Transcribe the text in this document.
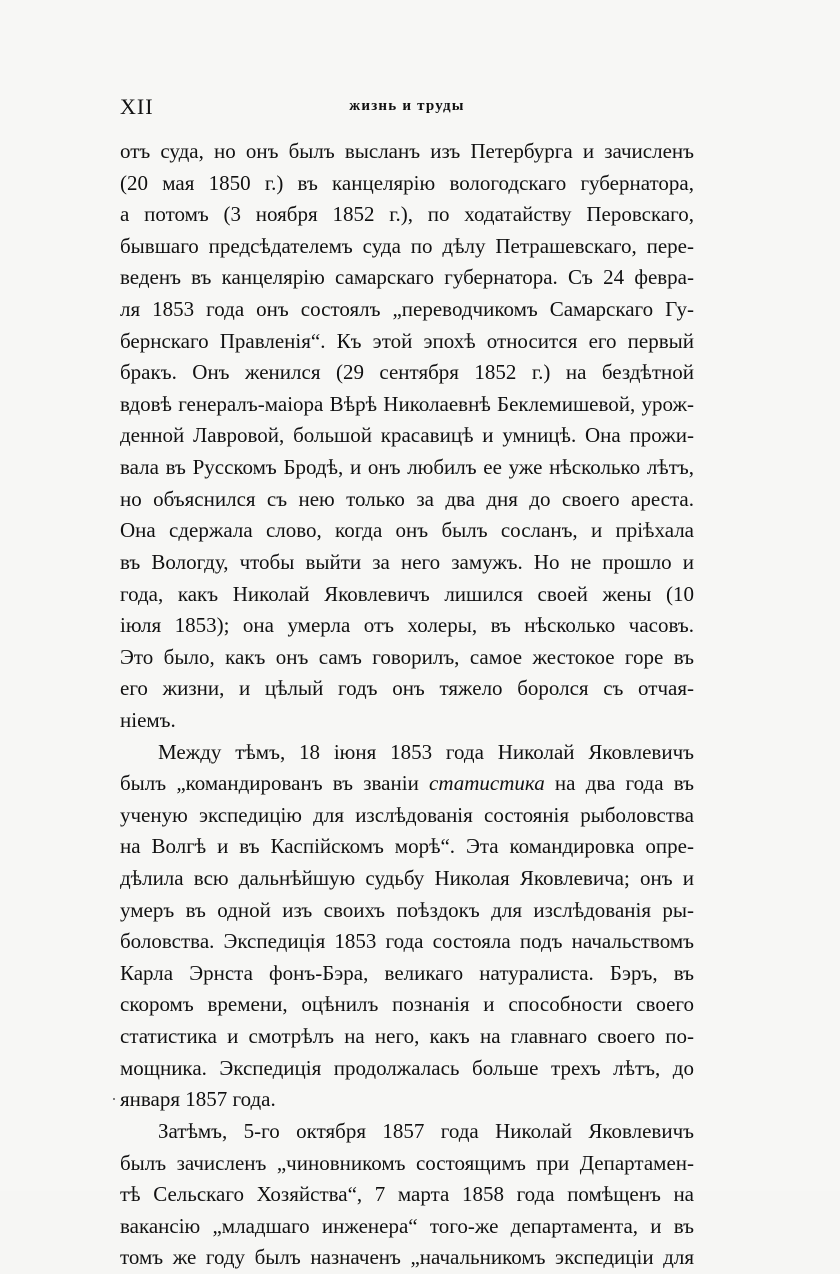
XII	жизнь и труды
отъ суда, но онъ былъ высланъ изъ Петербурга и зачисленъ
(20 мая 1850 г.) въ канцелярію вологодскаго губернатора,
а потомъ (3 ноября 1852 г.), по ходатайству Перовскаго,
бывшаго предсѣдателемъ суда по дѣлу Петрашевскаго, пере-
веденъ въ канцелярію самарскаго губернатора. Съ 24 февра-
ля 1853 года онъ состоялъ „переводчикомъ Самарскаго Гу-
бернскаго Правленія“. Къ этой эпохѣ относится его первый
бракъ. Онъ женился (29 сентября 1852 г.) на бездѣтной
вдовѣ генералъ-маіора Вѣрѣ Николаевнѣ Беклемишевой, урож-
денной Лавровой, большой красавицѣ и умницѣ. Она прожи-
вала въ Русскомъ Бродѣ, и онъ любилъ ее уже нѣсколько лѣтъ,
но объяснился съ нею только за два дня до своего ареста.
Она сдержала слово, когда онъ былъ сосланъ, и пріѣхала
въ Вологду, чтобы выйти за него замужъ. Но не прошло и
года, какъ Николай Яковлевичъ лишился своей жены (10
іюля 1853); она умерла отъ холеры, въ нѣсколько часовъ.
Это было, какъ онъ самъ говорилъ, самое жестокое горе въ
его жизни, и цѣлый годъ онъ тяжело боролся съ отчая-
ніемъ.
Между тѣмъ, 18 іюня 1853 года Николай Яковлевичъ
былъ „командированъ въ званіи статистика на два года въ
ученую экспедицію для изслѣдованія состоянія рыболовства
на Волгѣ и въ Каспійскомъ морѣ“. Эта командировка опре-
дѣлила всю дальнѣйшую судьбу Николая Яковлевича; онъ и
умеръ въ одной изъ своихъ поѣздокъ для изслѣдованія ры-
боловства. Экспедиція 1853 года состояла подъ начальствомъ
Карла Эрнста фонъ-Бэра, великаго натуралиста. Бэръ, въ
скоромъ времени, оцѣнилъ познанія и способности своего
статистика и смотрѣлъ на него, какъ на главнаго своего по-
мощника. Экспедиція продолжалась больше трехъ лѣтъ, до
января 1857 года.
Затѣмъ, 5-го октября 1857 года Николай Яковлевичъ
былъ зачисленъ „чиновникомъ состоящимъ при Департамен-
тѣ Сельскаго Хозяйства“, 7 марта 1858 года помѣщенъ на
вакансію „младшаго инженера“ того-же департамента, и въ
томъ же году былъ назначенъ „начальникомъ экспедиціи для
